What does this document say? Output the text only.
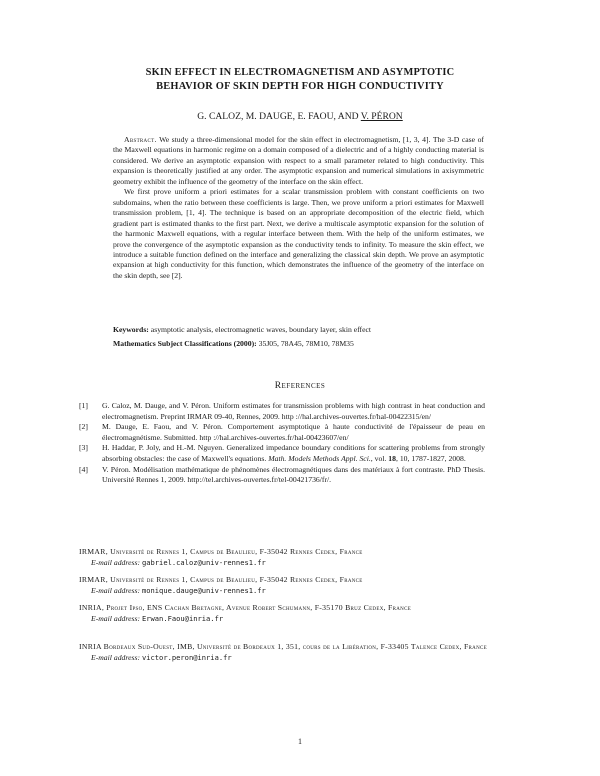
SKIN EFFECT IN ELECTROMAGNETISM AND ASYMPTOTIC
BEHAVIOR OF SKIN DEPTH FOR HIGH CONDUCTIVITY
G. CALOZ, M. DAUGE, E. FAOU, AND V. PÉRON

Abstract. We study a three-dimensional model for the skin effect in electromagnetism, [1, 3, 4]. The 3-D case of the Maxwell equations in harmonic regime on a domain composed of a dielectric and of a highly conducting material is considered. We derive an asymptotic expansion with respect to a small parameter related to high conductivity. This expansion is theoretically justified at any order. The asymptotic expansion and numerical simulations in axisymmetric geometry exhibit the influence of the geometry of the interface on the skin effect.

We first prove uniform a priori estimates for a scalar transmission problem with constant coefficients on two subdomains, when the ratio between these coefficients is large. Then, we prove uniform a priori estimates for Maxwell transmission problem, [1, 4]. The technique is based on an appropriate decomposition of the electric field, which gradient part is estimated thanks to the first part. Next, we derive a multiscale asymptotic expansion for the solution of the harmonic Maxwell equations, with a regular interface between them. With the help of the uniform estimates, we prove the convergence of the asymptotic expansion as the conductivity tends to infinity. To measure the skin effect, we introduce a suitable function defined on the interface and generalizing the classical skin depth. We prove an asymptotic expansion at high conductivity for this function, which demonstrates the influence of the geometry of the interface on the skin depth, see [2].

Keywords: asymptotic analysis, electromagnetic waves, boundary layer, skin effect
Mathematics Subject Classifications (2000): 35J05, 78A45, 78M10, 78M35
References
[1] G. Caloz, M. Dauge, and V. Péron. Uniform estimates for transmission problems with high contrast in heat conduction and electromagnetism. Preprint IRMAR 09-40, Rennes, 2009. http ://hal.archives-ouvertes.fr/hal-00422315/en/
[2] M. Dauge, E. Faou, and V. Péron. Comportement asymptotique à haute conductivité de l'épaisseur de peau en électromagnétisme. Submitted. http ://hal.archives-ouvertes.fr/hal-00423607/en/
[3] H. Haddar, P. Joly, and H.-M. Nguyen. Generalized impedance boundary conditions for scattering problems from strongly absorbing obstacles: the case of Maxwell's equations. Math. Models Methods Appl. Sci., vol. 18, 10, 1787-1827, 2008.
[4] V. Péron. Modélisation mathématique de phénomènes électromagnétiques dans des matériaux à fort contraste. PhD Thesis. Université Rennes 1, 2009. http://tel.archives-ouvertes.fr/tel-00421736/fr/.
IRMAR, Université de Rennes 1, Campus de Beaulieu, F-35042 Rennes Cedex, France
E-mail address: gabriel.caloz@univ-rennes1.fr
IRMAR, Université de Rennes 1, Campus de Beaulieu, F-35042 Rennes Cedex, France
E-mail address: monique.dauge@univ-rennes1.fr
INRIA, Projet Ipso, ENS Cachan Bretagne, Avenue Robert Schumann, F-35170 Bruz Cedex, France
E-mail address: Erwan.Faou@inria.fr
INRIA Bordeaux Sud-Ouest, IMB, Université de Bordeaux 1, 351, cours de la Libération, F-33405 Talence Cedex, France
E-mail address: victor.peron@inria.fr
1
